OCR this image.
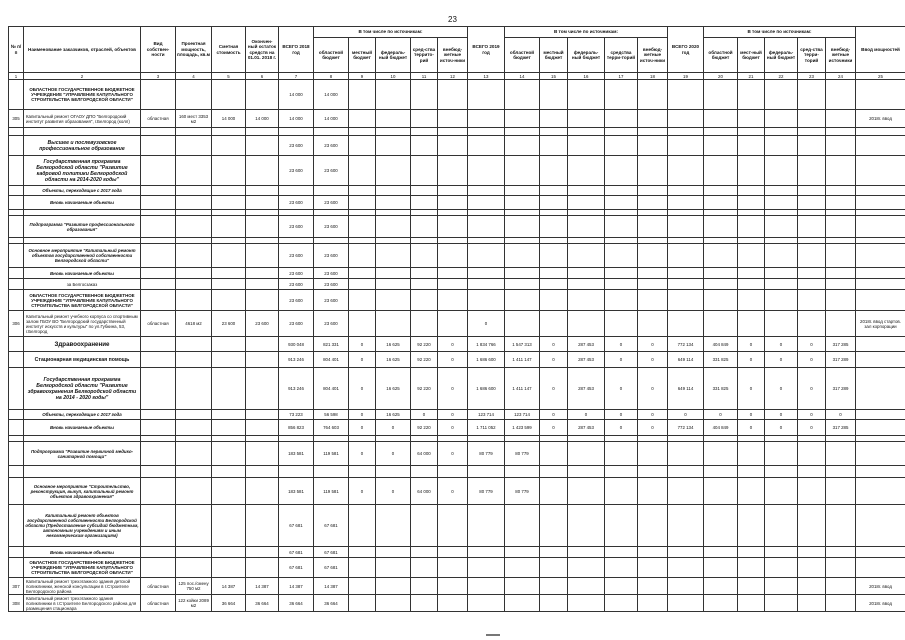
23
№ п/п	Наименование заказчиков, отраслей, объектов	Вид собствен-ности	Проектная мощность, площадь, кв.м	Сметная стоимость	Окончен-ный остаток средств на 01.01. 2018 г.	ВСЕГО 2018 год	В том числе по источникам:					ВСЕГО 2019 год	В том числе по источникам:					ВСЕГО 2020 год	В том числе по источникам:					Ввод мощностей
							областной бюджет	местный бюджет	федераль-ный бюджет	сред-ства террито-рий	внебюд-жетные источ-ники		областной бюджет	местный бюджет	федераль-ный бюджет	средства терри-торий	внебюд-жетные источ-ники		областной бюджет	мест-ный бюджет	федераль-ный бюджет	сред-ства терри-торий	внебюд-жетные источники	
1	2	3	4	5	6	7	8	9	10	11	12	13	14	15	16	17	18	19	20	21	22	23	24	25
	ОБЛАСТНОЕ ГОСУДАРСТВЕННОЕ БЮДЖЕТНОЕ УЧРЕЖДЕНИЕ "УПРАВЛЕНИЕ КАПИТАЛЬНОГО СТРОИТЕЛЬСТВА БЕЛГОРОДСКОЙ ОБЛАСТИ"					14 000	14 000																	
305	Капитальный ремонт ОГАОУ ДПО "Белгородский институт развития образования", г.Белгород (колл)	областная	160 мест 3353 м2	14 000	14 000	14 000	14 000																	2018г. ввод

	Высшее и послевузовское профессиональное образование					23 600	23 600																	
	Государственная программа Белгородской области "Развитие кадровой политики Белгородской области на 2014-2020 годы"					23 600	23 600																	
	Объекты, переходящие с 2017 года																							
	Вновь начинаемые объекты					23 600	23 600																	

	Подпрограмма "Развитие профессионального образования"					23 600	23 600																	

	Основное мероприятие "Капитальный ремонт объектов государственной собственности Белгородской области"					23 600	23 600																	
	Вновь начинаемые объекты					23 600	23 600																	
	за Белгосзаказ					23 600	23 600																	
	ОБЛАСТНОЕ ГОСУДАРСТВЕННОЕ БЮДЖЕТНОЕ УЧРЕЖДЕНИЕ "УПРАВЛЕНИЕ КАПИТАЛЬНОГО СТРОИТЕЛЬСТВА БЕЛГОРОДСКОЙ ОБЛАСТИ"					23 600	23 600																	
306	Капитальный ремонт учебного корпуса со спортивным залом ГБОУ ВО "Белгородский государственный институт искусств и культуры" по ул.Губкина, 53, г.Белгород	областная	4618 м2	23 600	23 600	23 600	23 600					0												2018г. ввод стартов. зал корпорации
	Здравоохранение					930 048	821 331	0	16 625	92 220	0	1 834 766	1 547 313	0	287 453	0	0	772 134	404 849	0	0	0	317 285	
	Стационарная медицинская помощь					913 246	804 401	0	16 625	92 220	0	1 686 600	1 411 147	0	287 453	0	0	649 114	331 825	0	0	0	317 289	
	Государственная программа Белгородской области "Развитие здравоохранения Белгородской области на 2014 - 2020 годы"					913 246	804 401	0	16 625	92 220	0	1 686 600	1 411 147	0	287 453	0	0	649 114	331 825	0	0	0	317 289	
	Объекты, переходящие с 2017 года					73 223	56 598	0	16 625	0	0	123 714	123 714	0	0	0	0	0	0	0	0	0	0	
	Вновь начинаемые объекты					856 823	764 603	0	0	92 220	0	1 711 052	1 423 599	0	287 453	0	0	772 134	404 849	0	0	0	317 285	

	Подпрограмма "Развитие первичной медико-санитарной помощи"					183 581	119 581	0	0	64 000	0	80 779	80 779											

	Основное мероприятие "Строительство, реконструкция, выкуп, капитальный ремонт объектов здравоохранения"					183 581	119 581	0	0	64 000	0	80 779	80 779											
	Капитальный ремонт объектов государственной собственности Белгородской области (Предоставление субсидий бюджетным, автономным учреждениям и иным некоммерческим организациям)					67 681	67 681																	
	Вновь начинаемые объекты					67 681	67 681																	
	ОБЛАСТНОЕ ГОСУДАРСТВЕННОЕ БЮДЖЕТНОЕ УЧРЕЖДЕНИЕ "УПРАВЛЕНИЕ КАПИТАЛЬНОГО СТРОИТЕЛЬСТВА БЕЛГОРОДСКОЙ ОБЛАСТИ"					67 681	67 681																	
307	Капитальный ремонт трехэтажного здания детской поликлиники, женской консультации в г.Строителе Белгородского района	областная	125 пос./смену 750 м2	14 387	14 387	14 387	14 387																	2018г. ввод
308	Капитальный ремонт трехэтажного здания поликлиники в г.Строителе Белгородского района для размещения стационара	областная	122 койки 2089 м2	36 664	36 664	36 664	36 664																	2018г. ввод
